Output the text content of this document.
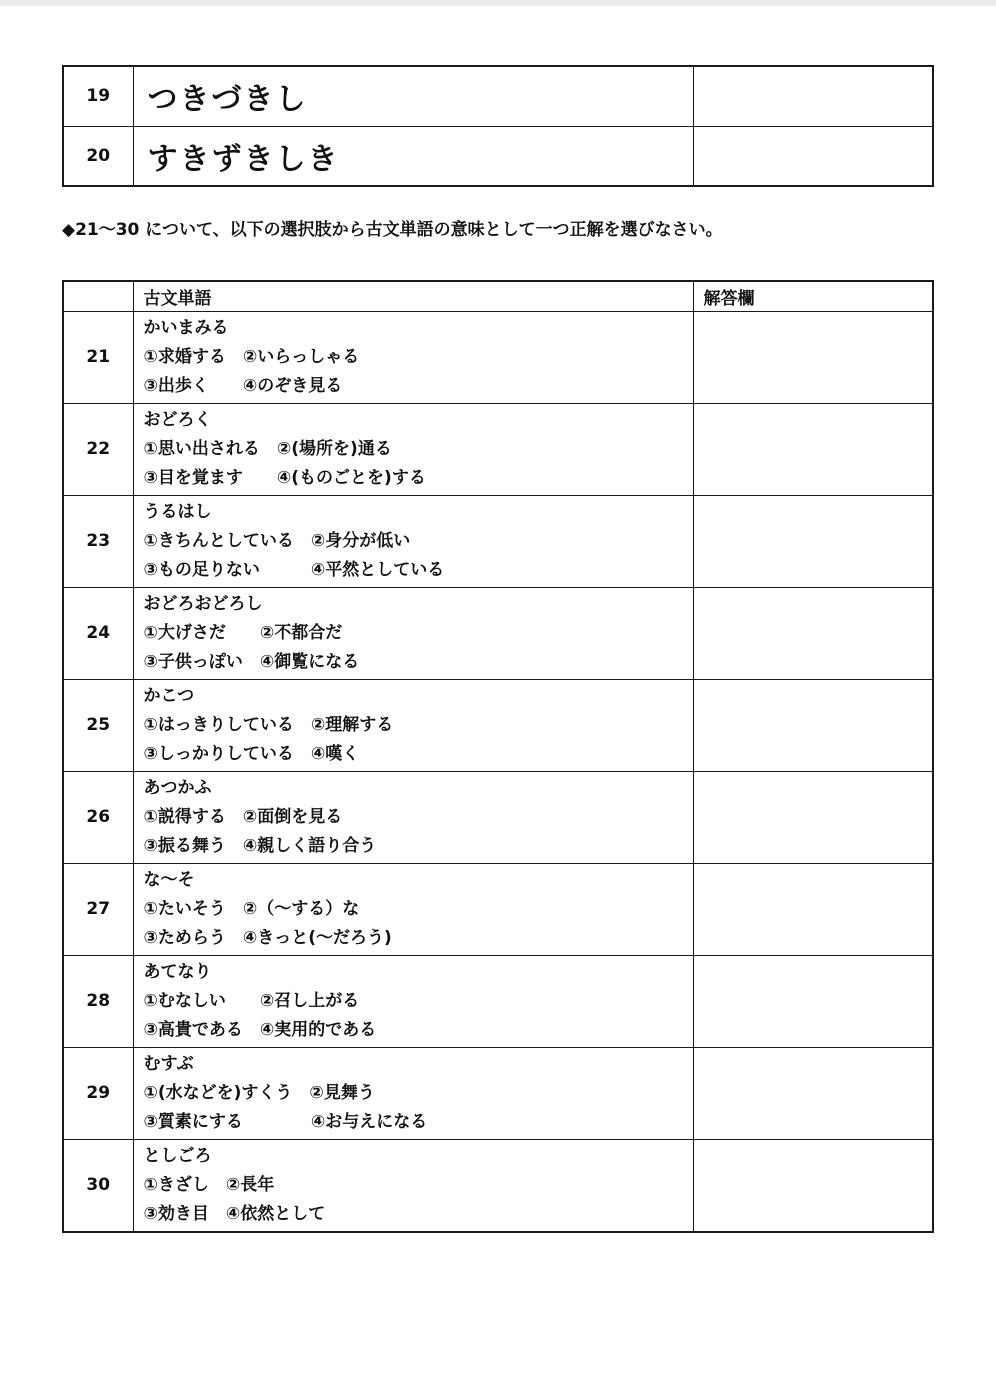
19	つきづきし	
20	すきずきしき	
◆21～30 について、以下の選択肢から古文単語の意味として一つ正解を選びなさい。
	古文単語	解答欄
21	かいまみる
①求婚する　②いらっしゃる
③出歩く　　④のぞき見る	

22	おどろく
①思い出される　②(場所を)通る
③目を覚ます　　④(ものごとを)する	

23	うるはし
①きちんとしている　②身分が低い
③もの足りない　　　④平然としている	

24	おどろおどろし
①大げさだ　　②不都合だ
③子供っぽい　④御覧になる	

25	かこつ
①はっきりしている　②理解する
③しっかりしている　④嘆く	

26	あつかふ
①説得する　②面倒を見る
③振る舞う　④親しく語り合う	

27	な～そ
①たいそう　②（～する）な
③ためらう　④きっと(～だろう)	

28	あてなり
①むなしい　　②召し上がる
③高貴である　④実用的である	

29	むすぶ
①(水などを)すくう　②見舞う
③質素にする　　　　④お与えになる	

30	としごろ
①きざし　②長年
③効き目　④依然として	
